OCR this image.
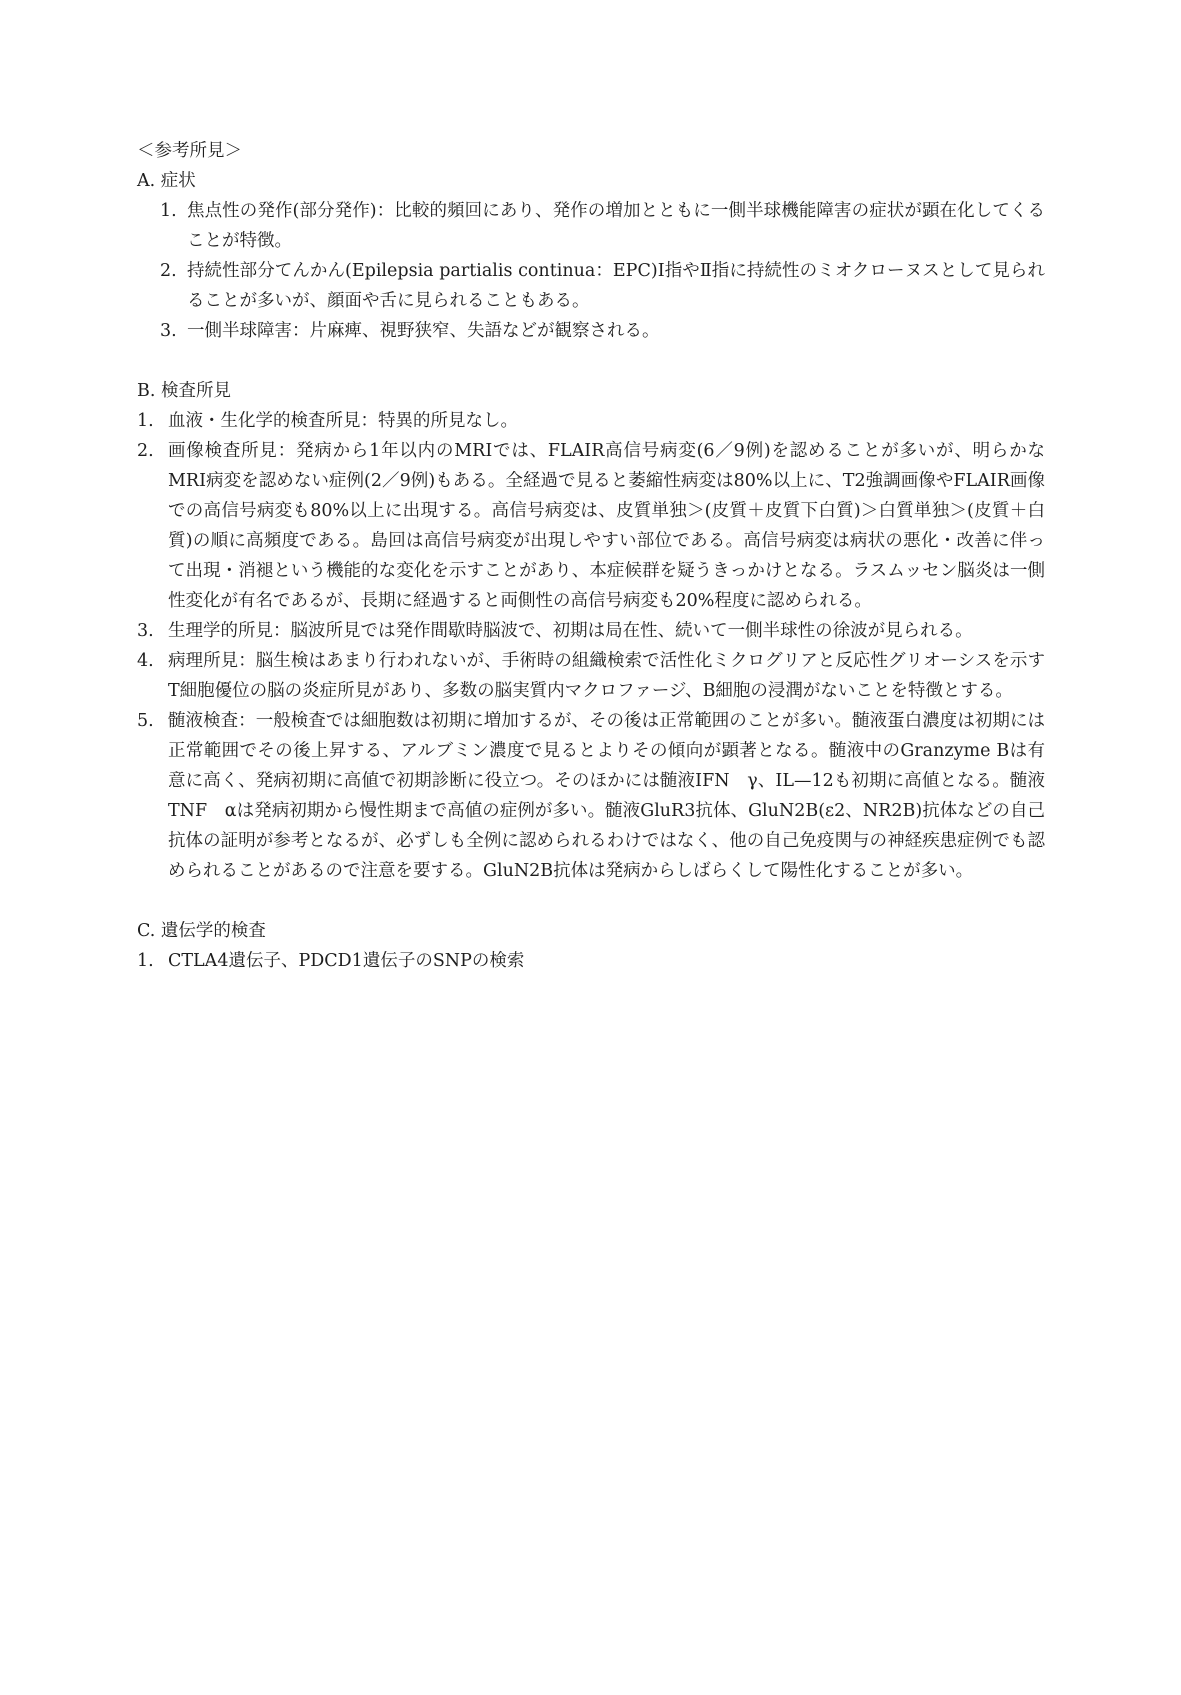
＜参考所見＞
A. 症状
1. 焦点性の発作(部分発作)：比較的頻回にあり、発作の増加とともに一側半球機能障害の症状が顕在化してくることが特徴。
2. 持続性部分てんかん(Epilepsia partialis continua：EPC)Ⅰ指やⅡ指に持続性のミオクローヌスとして見られることが多いが、顔面や舌に見られることもある。
3. 一側半球障害：片麻痺、視野狭窄、失語などが観察される。
B. 検査所見
1. 血液・生化学的検査所見：特異的所見なし。
2. 画像検査所見：発病から1年以内のMRIでは、FLAIR高信号病変(6／9例)を認めることが多いが、明らかなMRI病変を認めない症例(2／9例)もある。全経過で見ると萎縮性病変は80%以上に、T2強調画像やFLAIR画像での高信号病変も80%以上に出現する。高信号病変は、皮質単独＞(皮質＋皮質下白質)＞白質単独＞(皮質＋白質)の順に高頻度である。島回は高信号病変が出現しやすい部位である。高信号病変は病状の悪化・改善に伴って出現・消褪という機能的な変化を示すことがあり、本症候群を疑うきっかけとなる。ラスムッセン脳炎は一側性変化が有名であるが、長期に経過すると両側性の高信号病変も20%程度に認められる。
3. 生理学的所見：脳波所見では発作間歇時脳波で、初期は局在性、続いて一側半球性の徐波が見られる。
4. 病理所見：脳生検はあまり行われないが、手術時の組織検索で活性化ミクログリアと反応性グリオーシスを示すT細胞優位の脳の炎症所見があり、多数の脳実質内マクロファージ、B細胞の浸潤がないことを特徴とする。
5. 髄液検査：一般検査では細胞数は初期に増加するが、その後は正常範囲のことが多い。髄液蛋白濃度は初期には正常範囲でその後上昇する、アルブミン濃度で見るとよりその傾向が顕著となる。髄液中のGranzyme Bは有意に高く、発病初期に高値で初期診断に役立つ。そのほかには髄液IFN　γ、IL—12も初期に高値となる。髄液TNF　αは発病初期から慢性期まで高値の症例が多い。髄液GluR3抗体、GluN2B(ε2、NR2B)抗体などの自己抗体の証明が参考となるが、必ずしも全例に認められるわけではなく、他の自己免疫関与の神経疾患症例でも認められることがあるので注意を要する。GluN2B抗体は発病からしばらくして陽性化することが多い。
C. 遺伝学的検査
1. CTLA4遺伝子、PDCD1遺伝子のSNPの検索
